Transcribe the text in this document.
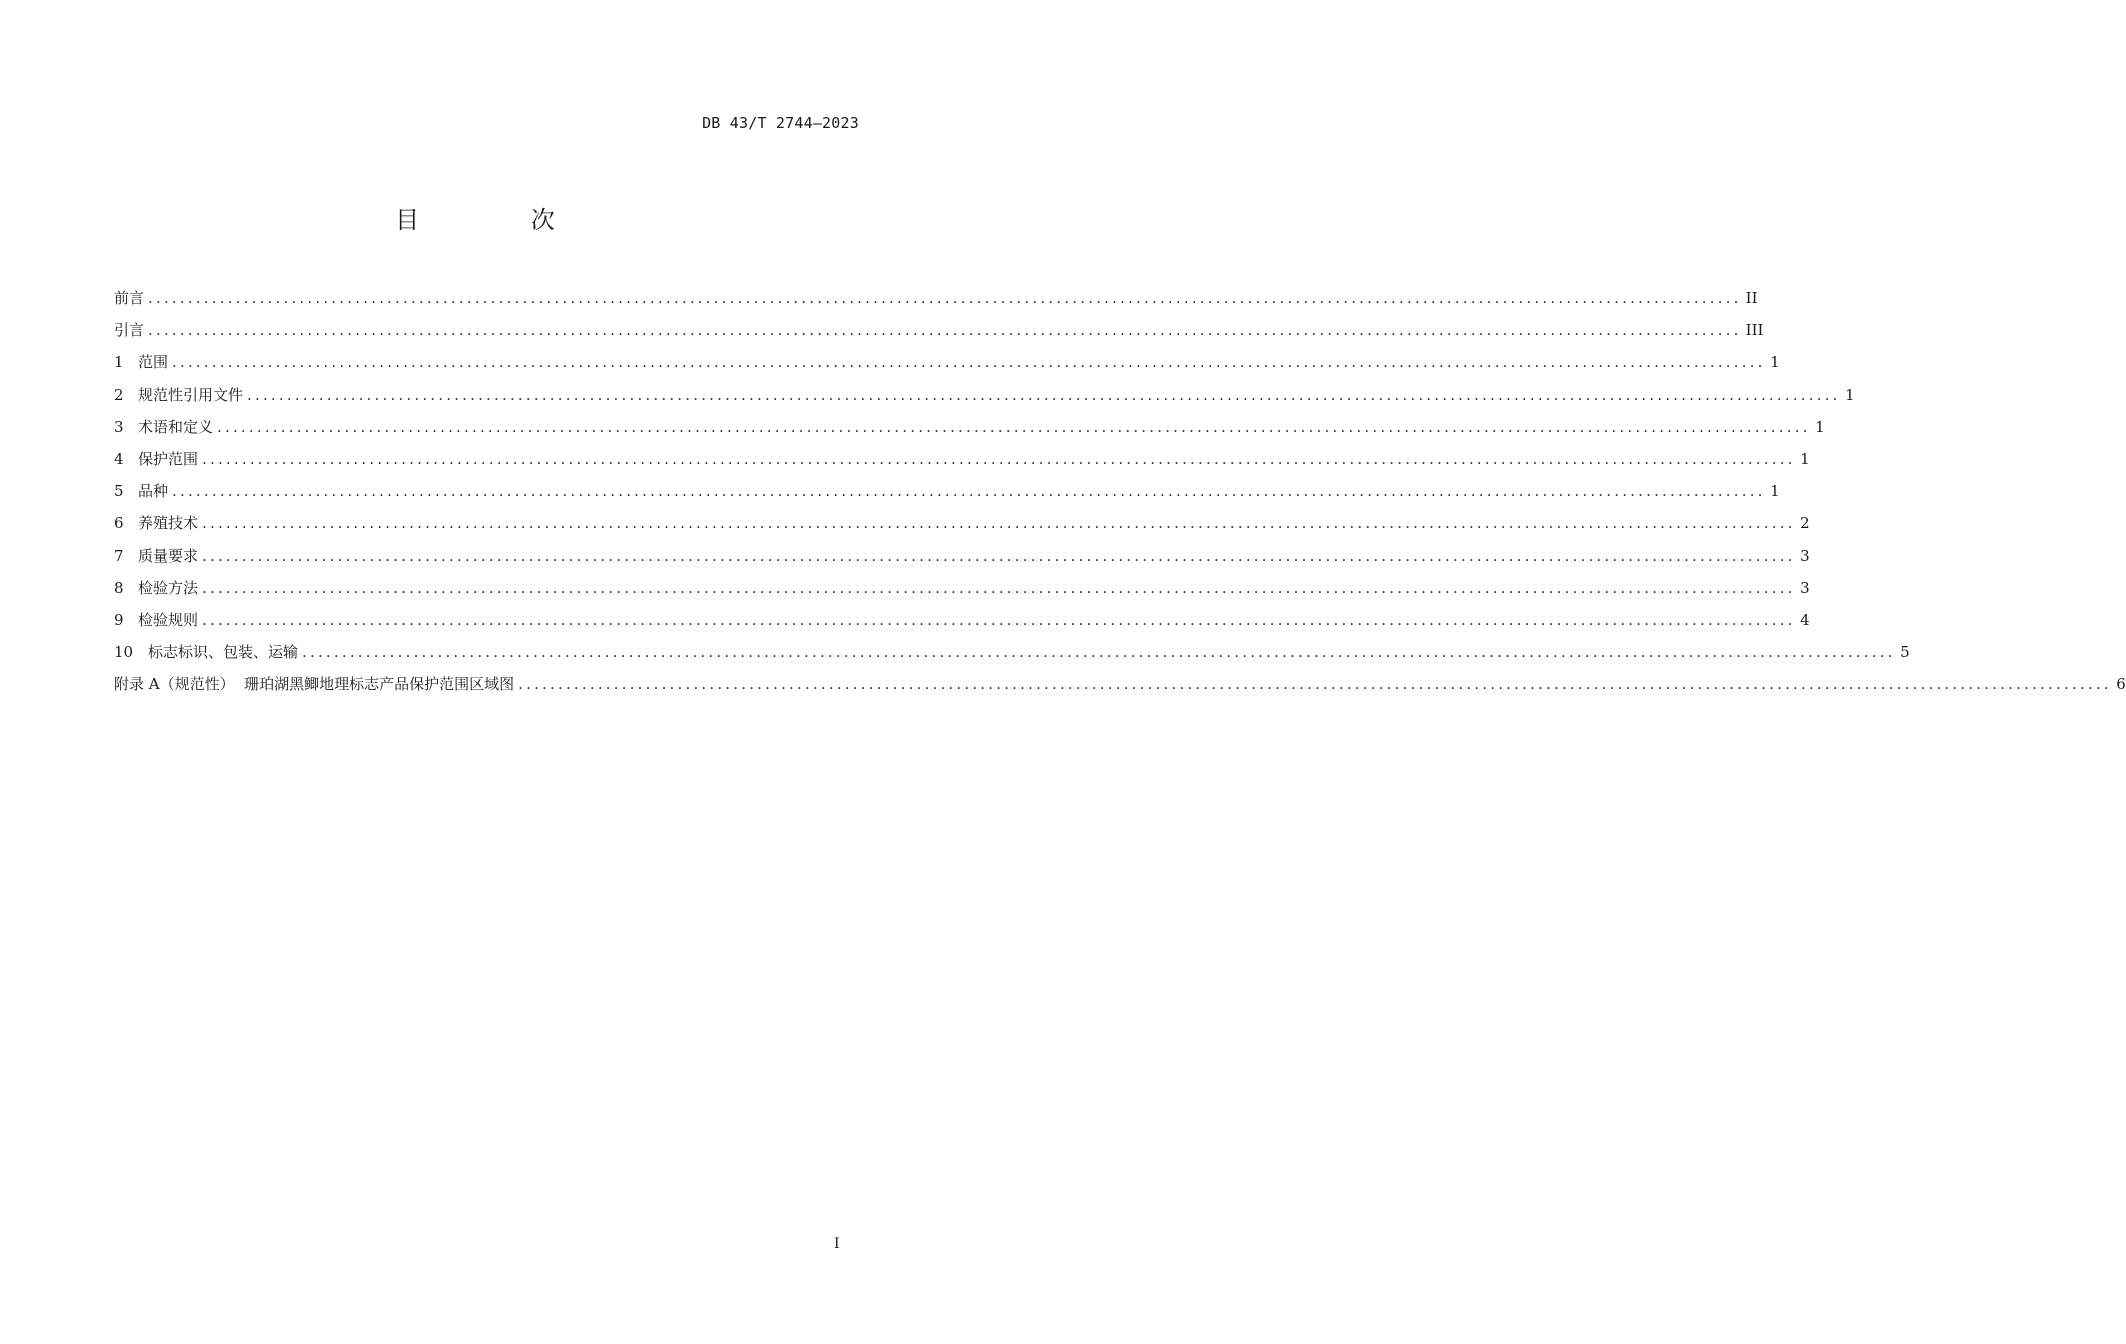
DB 43/T 2744—2023
目 次
前言 ........................................................................................................................................................................................................ II
引言 ........................................................................................................................................................................................................ III
1 范围 ........................................................................................................................................................................................................ 1
2 规范性引用文件 ........................................................................................................................................................................................................ 1
3 术语和定义 ........................................................................................................................................................................................................ 1
4 保护范围 ........................................................................................................................................................................................................ 1
5 品种 ........................................................................................................................................................................................................ 1
6 养殖技术 ........................................................................................................................................................................................................ 2
7 质量要求 ........................................................................................................................................................................................................ 3
8 检验方法 ........................................................................................................................................................................................................ 3
9 检验规则 ........................................................................................................................................................................................................ 4
10 标志标识、包装、运输 ........................................................................................................................................................................................................ 5
附录 A（规范性）  珊珀湖黑鲫地理标志产品保护范围区域图 ........................................................................................................................................................................................................ 6
I
